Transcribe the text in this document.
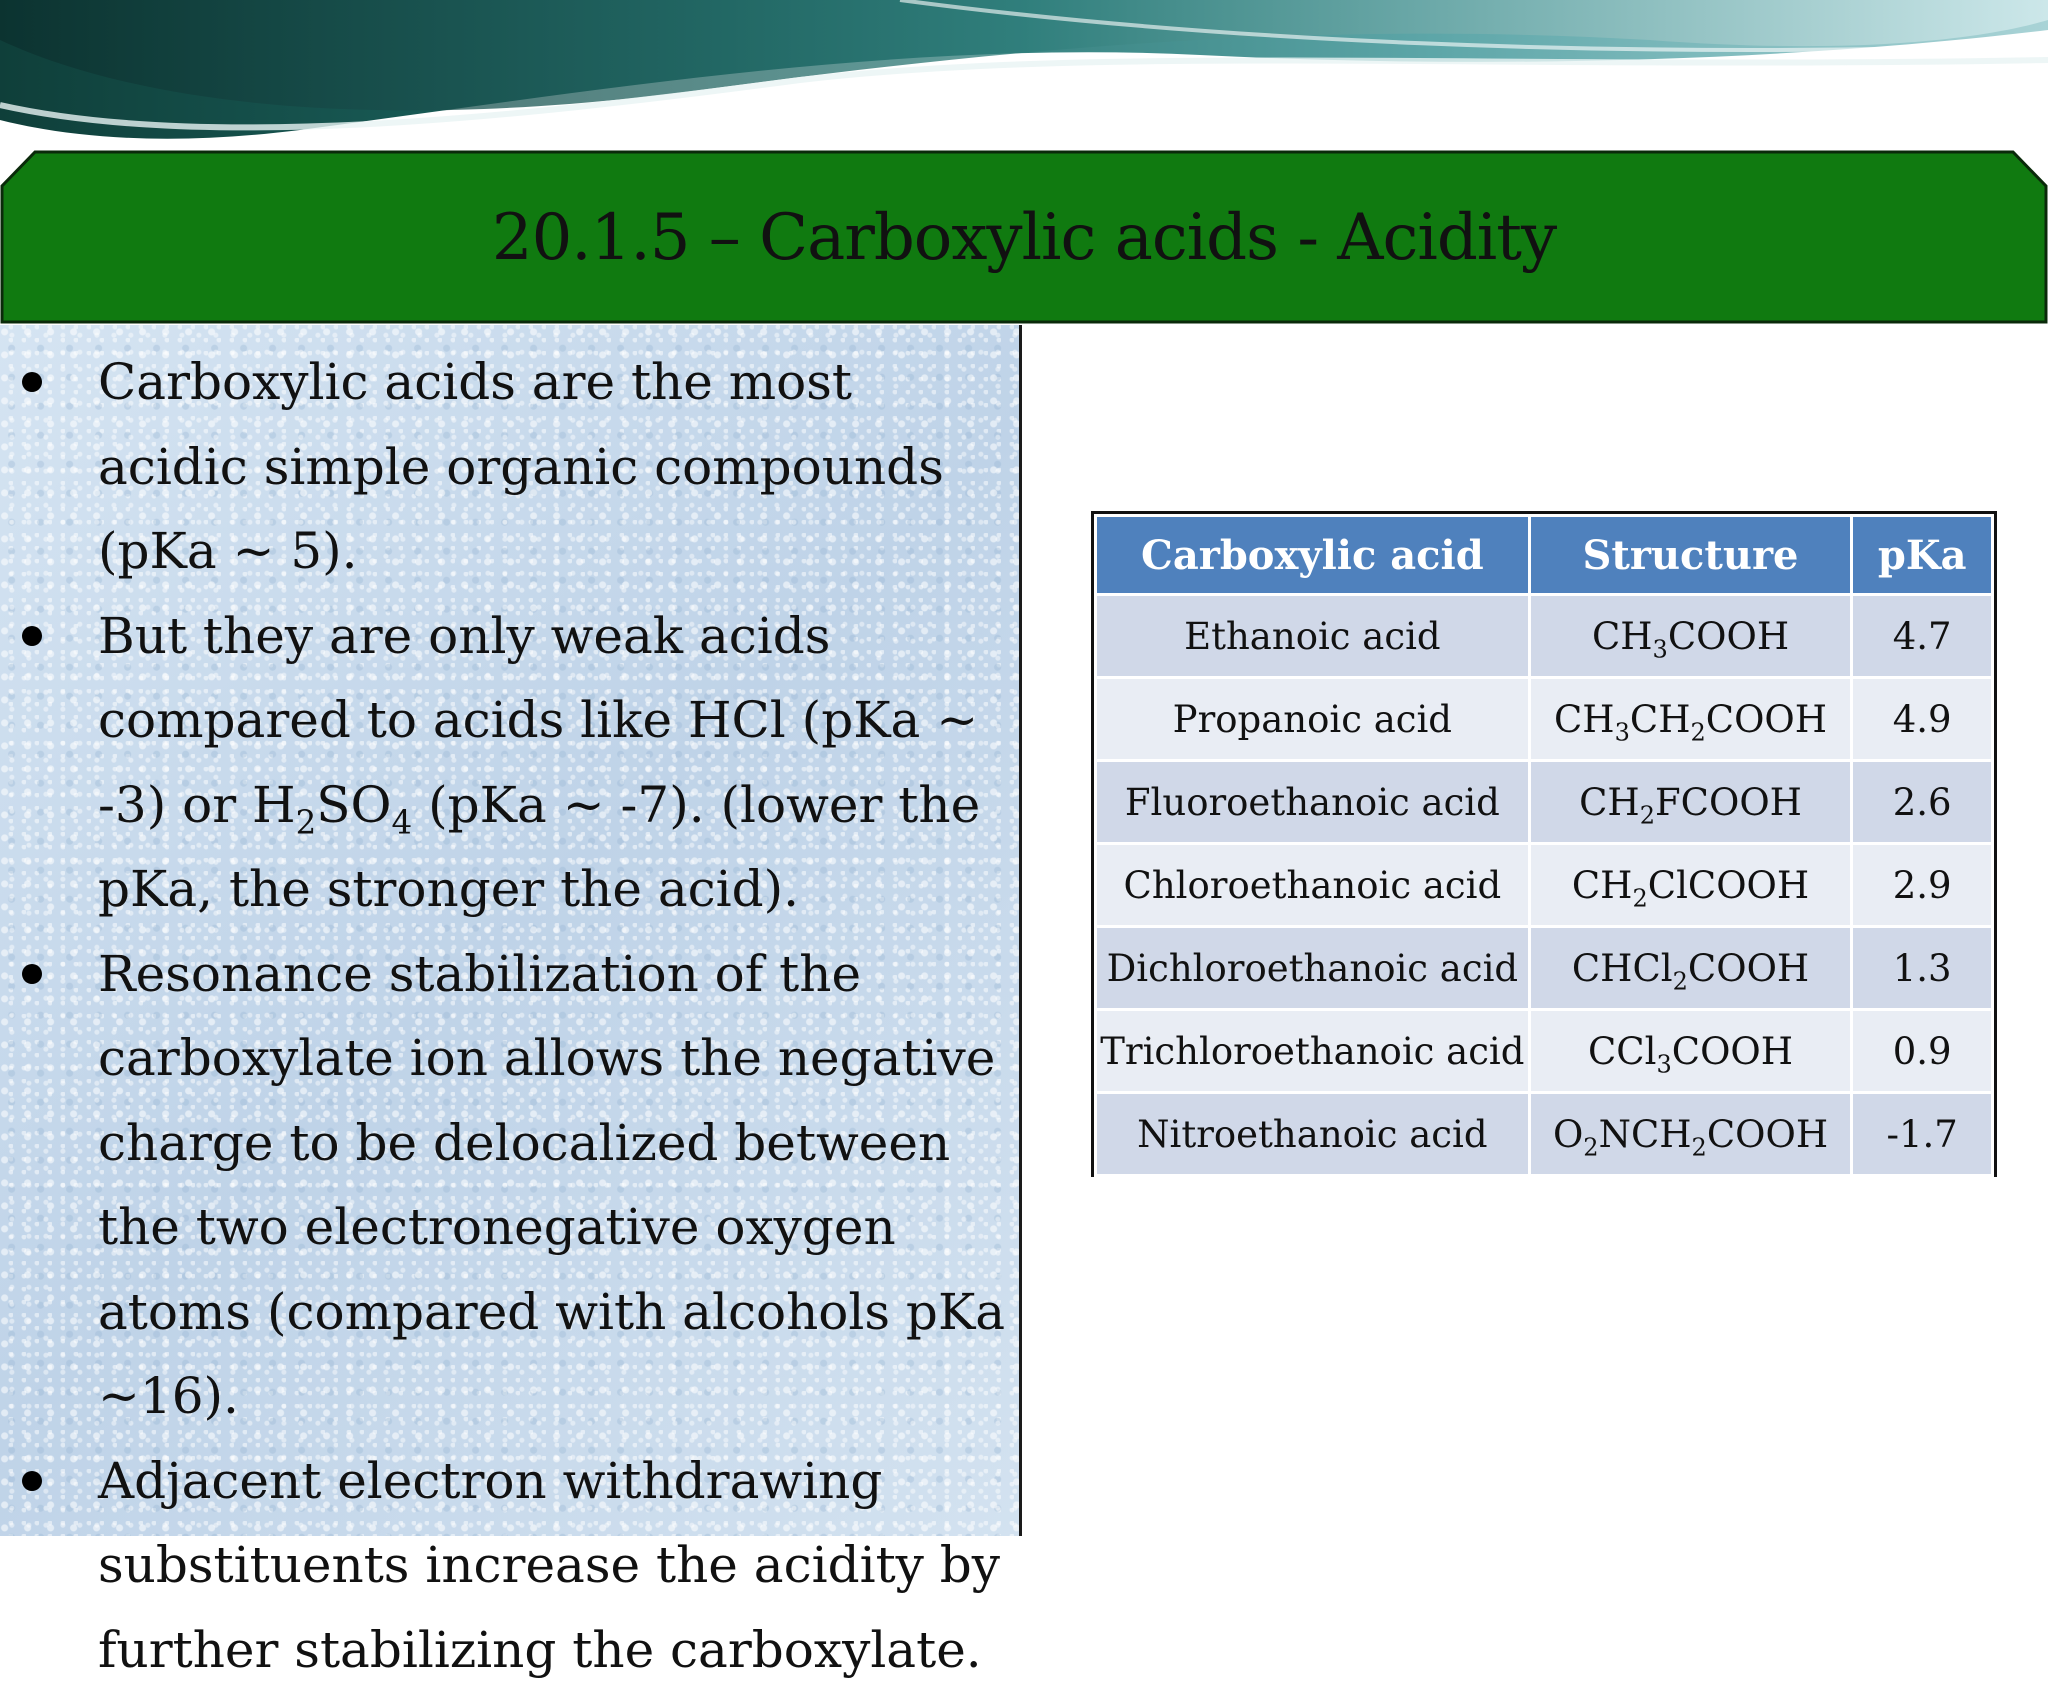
20.1.5 – Carboxylic acids - Acidity
Carboxylic acids are the most acidic simple organic compounds (pKa ~ 5).
But they are only weak acids compared to acids like HCl (pKa ~ -3) or $H_2SO_4$ (pKa ~ -7). (lower the pKa, the stronger the acid).
Resonance stabilization of the carboxylate ion allows the negative charge to be delocalized between the two electronegative oxygen atoms (compared with alcohols pKa ~16).
Adjacent electron withdrawing substituents increase the acidity by further stabilizing the carboxylate.
Carboxylic acid	Structure	pKa
Ethanoic acid	$CH_3COOH$	4.7
Propanoic acid	$CH_3CH_2COOH$	4.9
Fluoroethanoic acid	$CH_2FCOOH$	2.6
Chloroethanoic acid	$CH_2ClCOOH$	2.9
Dichloroethanoic acid	CHCl$_2$COOH	1.3
Trichloroethanoic acid	CCl$_3$COOH	0.9
Nitroethanoic acid	$O_2NCH_2COOH$	-1.7
